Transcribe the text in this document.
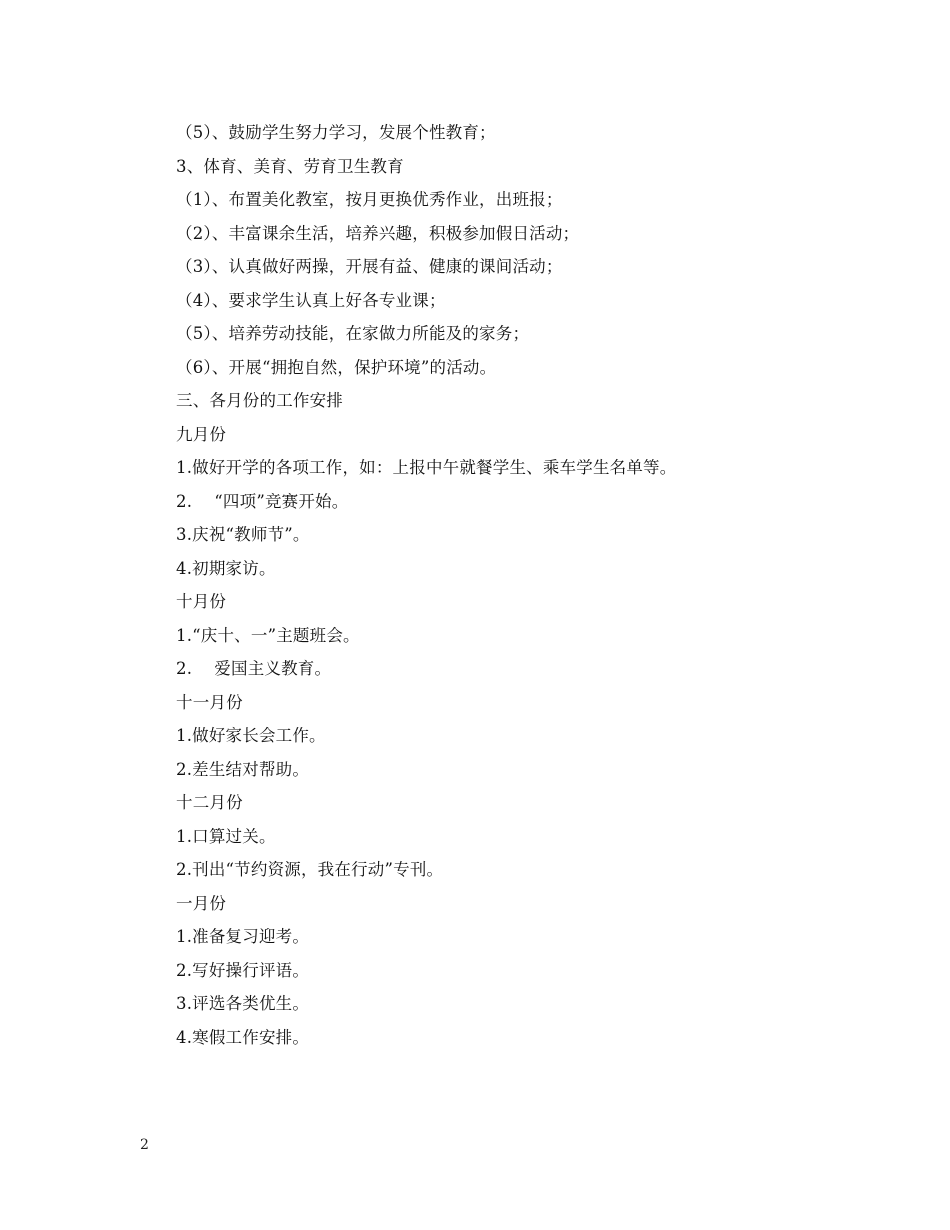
（5）、鼓励学生努力学习，发展个性教育；
3、体育、美育、劳育卫生教育
（1）、布置美化教室，按月更换优秀作业，出班报；
（2）、丰富课余生活，培养兴趣，积极参加假日活动；
（3）、认真做好两操，开展有益、健康的课间活动；
（4）、要求学生认真上好各专业课；
（5）、培养劳动技能，在家做力所能及的家务；
（6）、开展“拥抱自然，保护环境”的活动。
三、各月份的工作安排
九月份
1.做好开学的各项工作，如：上报中午就餐学生、乘车学生名单等。
2.　 “四项”竞赛开始。
3.庆祝“教师节”。
4.初期家访。
十月份
1.“庆十、一”主题班会。
2.　 爱国主义教育。
十一月份
1.做好家长会工作。
2.差生结对帮助。
十二月份
1.口算过关。
2.刊出“节约资源，我在行动”专刊。
一月份
1.准备复习迎考。
2.写好操行评语。
3.评选各类优生。
4.寒假工作安排。
2
